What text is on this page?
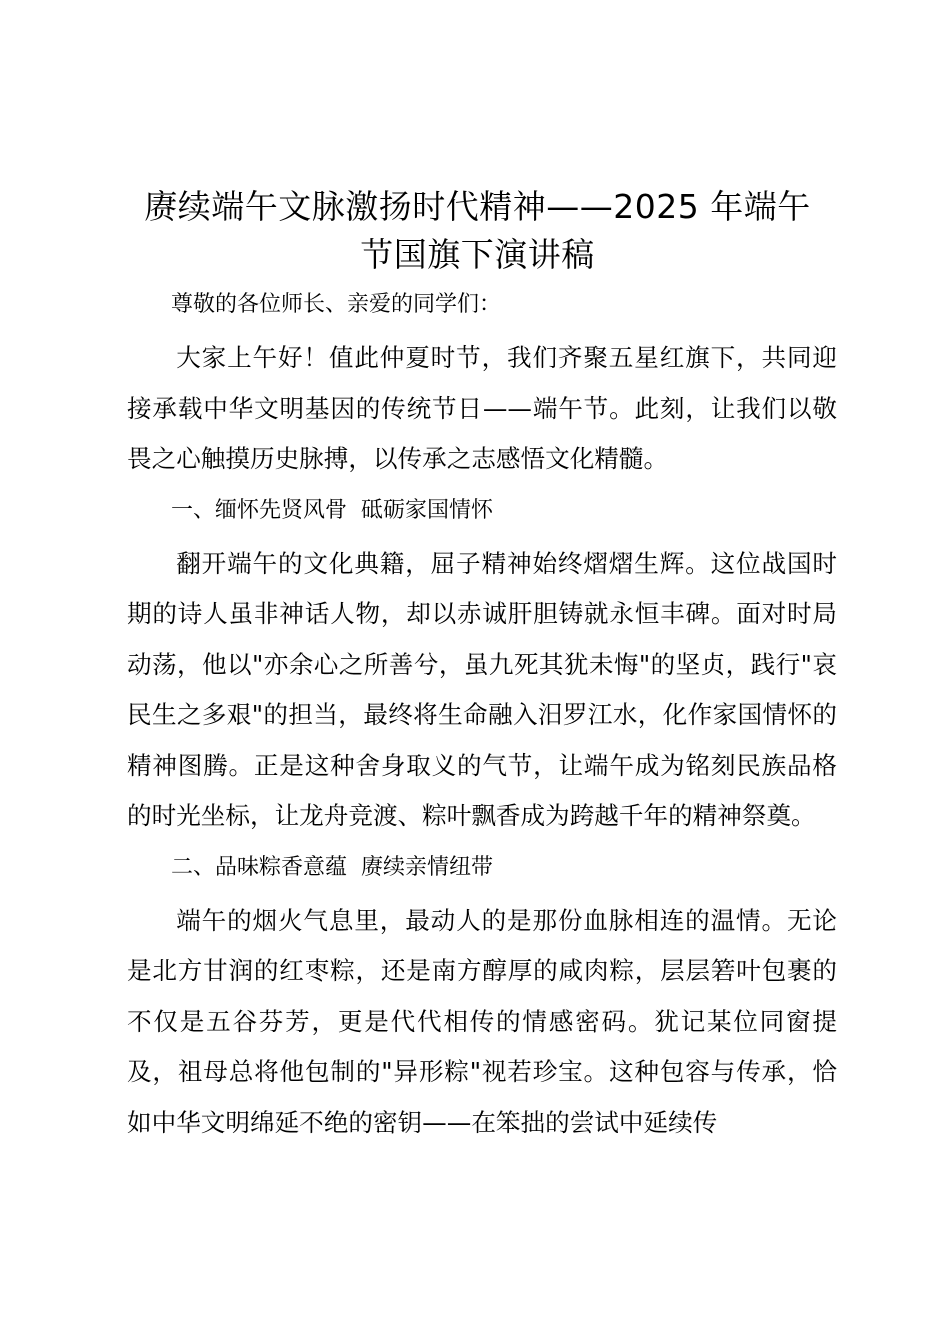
赓续端午文脉激扬时代精神——2025 年端午
节国旗下演讲稿

尊敬的各位师长、亲爱的同学们：

大家上午好！值此仲夏时节，我们齐聚五星红旗下，共同迎接承载中华文明基因的传统节日——端午节。此刻，让我们以敬畏之心触摸历史脉搏，以传承之志感悟文化精髓。

一、缅怀先贤风骨 砥砺家国情怀

翻开端午的文化典籍，屈子精神始终熠熠生辉。这位战国时期的诗人虽非神话人物，却以赤诚肝胆铸就永恒丰碑。面对时局动荡，他以"亦余心之所善兮，虽九死其犹未悔"的坚贞，践行"哀民生之多艰"的担当，最终将生命融入汨罗江水，化作家国情怀的精神图腾。正是这种舍身取义的气节，让端午成为铭刻民族品格的时光坐标，让龙舟竞渡、粽叶飘香成为跨越千年的精神祭奠。

二、品味粽香意蕴 赓续亲情纽带

端午的烟火气息里，最动人的是那份血脉相连的温情。无论是北方甘润的红枣粽，还是南方醇厚的咸肉粽，层层箬叶包裹的不仅是五谷芬芳，更是代代相传的情感密码。犹记某位同窗提及，祖母总将他包制的"异形粽"视若珍宝。这种包容与传承，恰如中华文明绵延不绝的密钥——在笨拙的尝试中延续传
